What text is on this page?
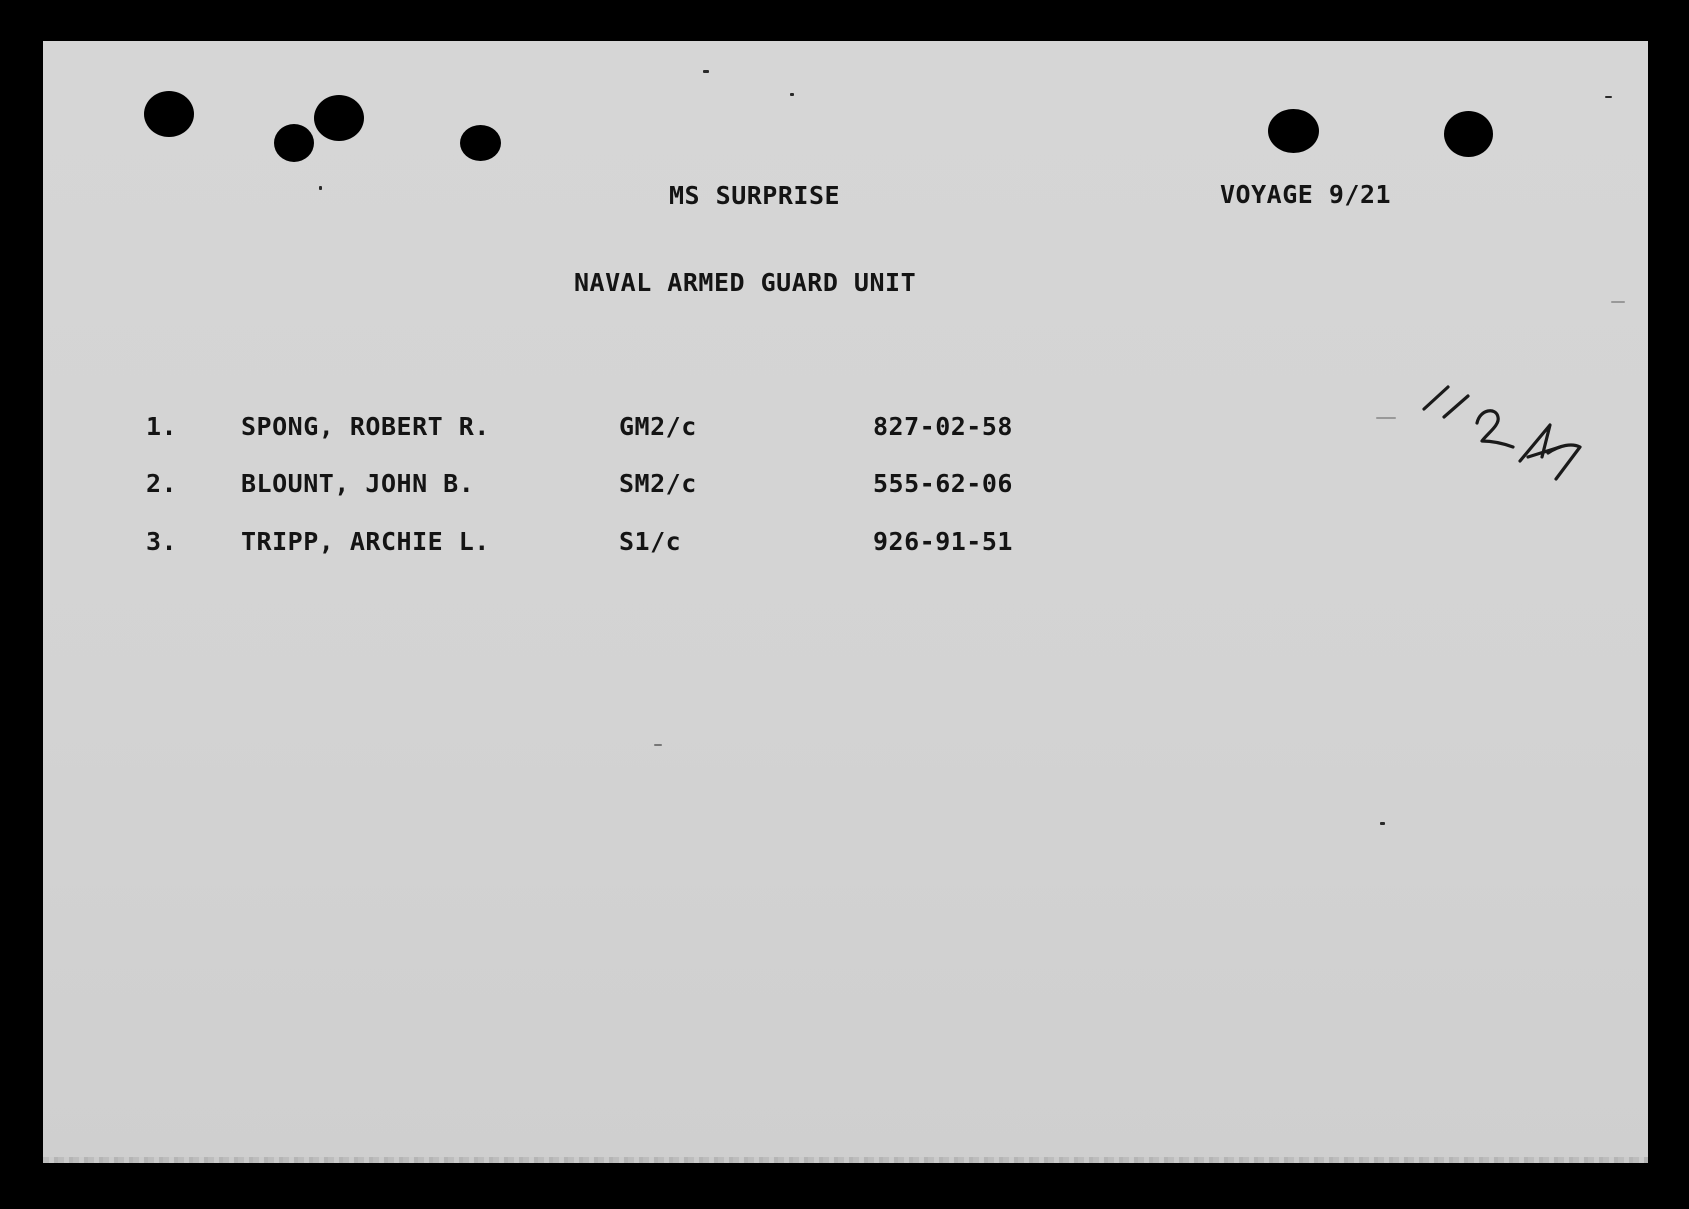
MS SURPRISE	VOYAGE 9/21
NAVAL ARMED GUARD UNIT
1.	SPONG, ROBERT R.	GM2/c	827-02-58
2.	BLOUNT, JOHN B.	SM2/c	555-62-06
3.	TRIPP, ARCHIE L.	S1/c	926-91-51
